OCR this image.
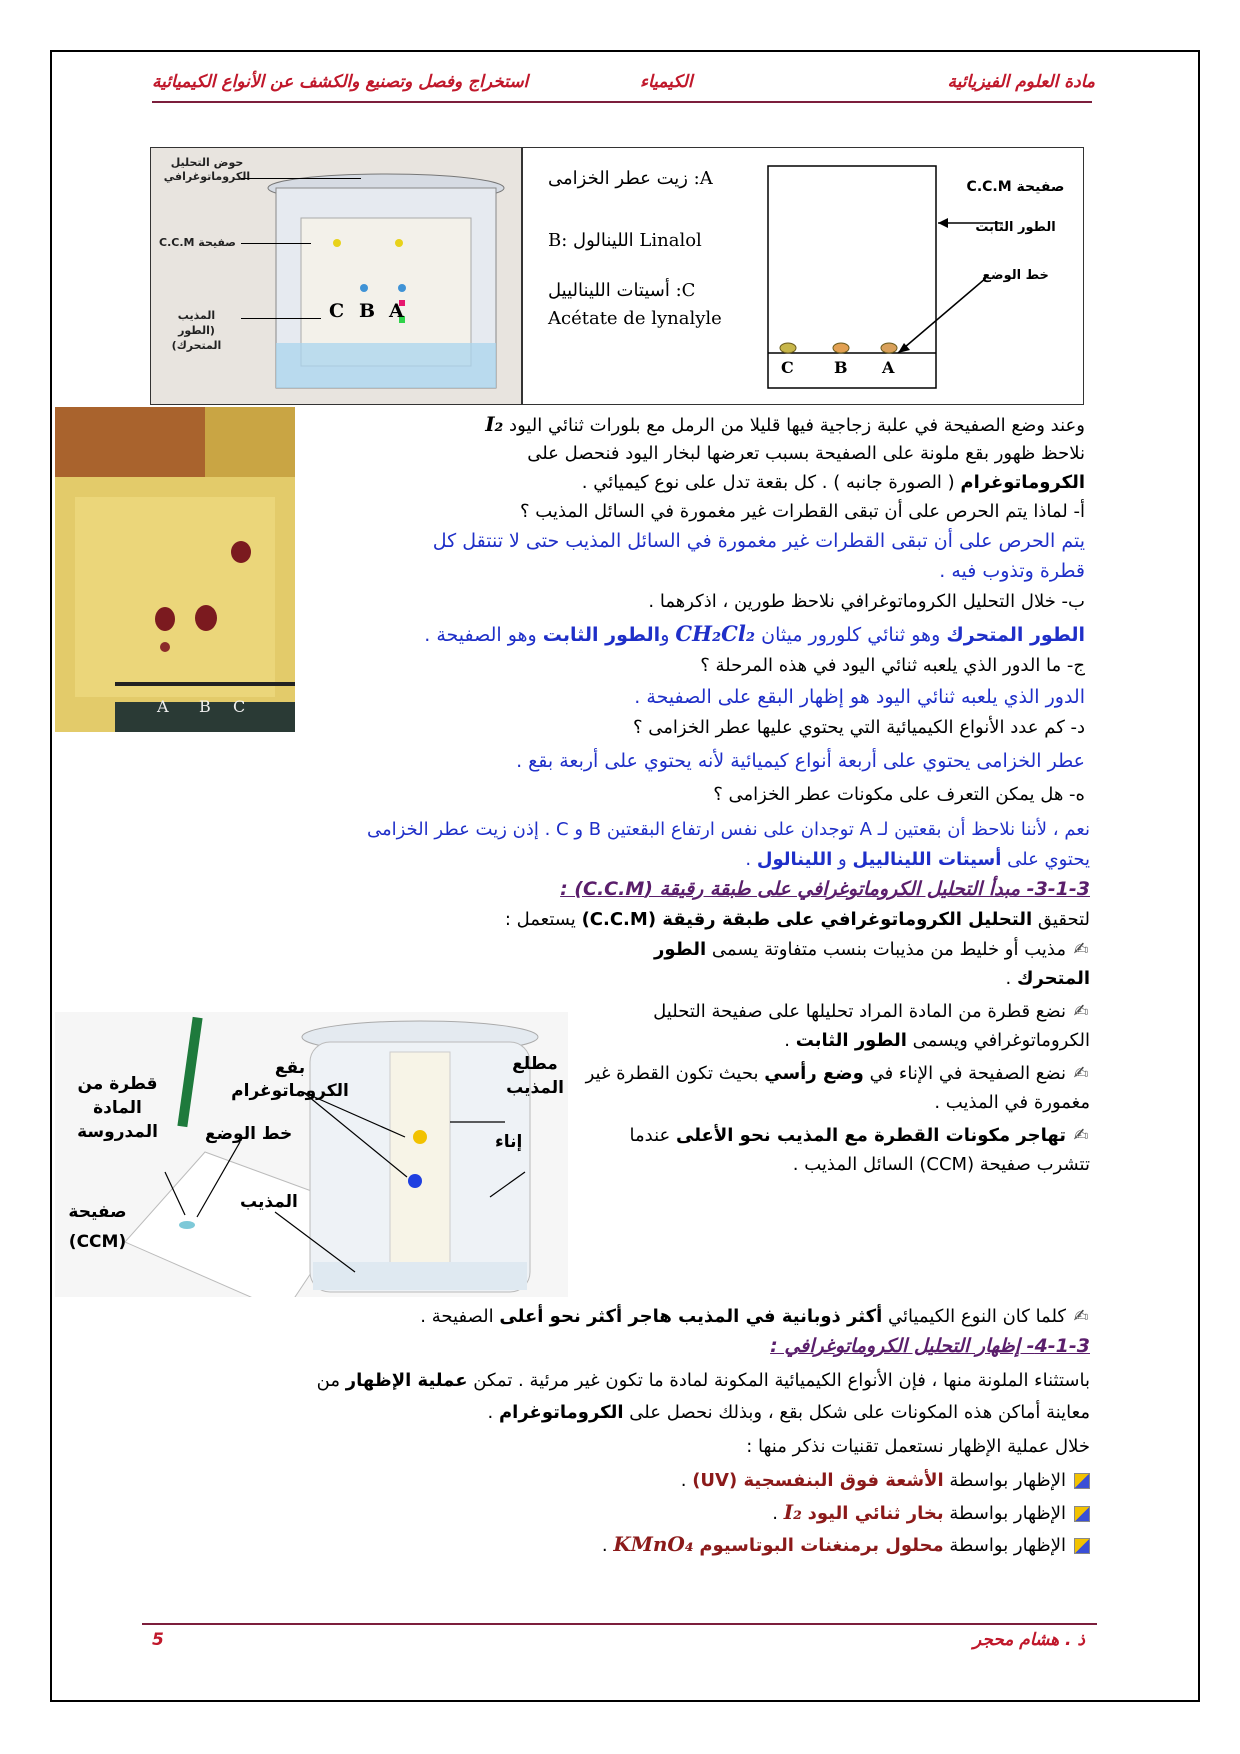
مادة العلوم الفيزيائية
الكيمياء
استخراج وفصل وتصنيع والكشف عن الأنواع الكيميائية
حوض التحليل الكروماتوغرافي
صفيحة C.C.M
المذيب (الطور المتحرك)
C B A
A: زيت عطر الخزامى
Linalol اللينالول :B
C: أسيتات اللينالييل
Acétate de lynalyle
صفيحة C.C.M
الطور الثابت
خط الوضع
C	B A
A B C
وعند وضع الصفيحة في علبة زجاجية فيها قليلا من الرمل مع بلورات ثنائي اليود I₂
نلاحظ ظهور بقع ملونة على الصفيحة بسبب تعرضها لبخار اليود فنحصل على
الكروماتوغرام ( الصورة جانبه ) . كل بقعة تدل على نوع كيميائي .
أ- لماذا يتم الحرص على أن تبقى القطرات غير مغمورة في السائل المذيب ؟
يتم الحرص على أن تبقى القطرات غير مغمورة في السائل المذيب حتى لا تنتقل كل
قطرة وتذوب فيه .
ب- خلال التحليل الكروماتوغرافي نلاحظ طورين ، اذكرهما .
الطور المتحرك وهو ثنائي كلورور ميثان CH₂Cl₂ والطور الثابت وهو الصفيحة .
ج- ما الدور الذي يلعبه ثنائي اليود في هذه المرحلة ؟
الدور الذي يلعبه ثنائي اليود هو إظهار البقع على الصفيحة .
د- كم عدد الأنواع الكيميائية التي يحتوي عليها عطر الخزامى ؟
عطر الخزامى يحتوي على أربعة أنواع كيميائية لأنه يحتوي على أربعة بقع .
ه- هل يمكن التعرف على مكونات عطر الخزامى ؟
نعم ، لأننا نلاحظ أن بقعتين لـ A توجدان على نفس ارتفاع البقعتين B و C . إذن زيت عطر الخزامى
يحتوي على أسيتات اللينالييل و اللينالول .
3-1-3- مبدأ التحليل الكروماتوغرافي على طبقة رقيقة (C.C.M) :
لتحقيق التحليل الكروماتوغرافي على طبقة رقيقة (C.C.M) يستعمل :
✍مذيب أو خليط من مذيبات بنسب متفاوتة يسمى الطور المتحرك .
✍نضع قطرة من المادة المراد تحليلها على صفيحة التحليل الكروماتوغرافي ويسمى الطور الثابت .
✍نضع الصفيحة في الإناء في وضع رأسي بحيث تكون القطرة غير مغمورة في المذيب .
✍تهاجر مكونات القطرة مع المذيب نحو الأعلى عندما تتشرب صفيحة (CCM) السائل المذيب .
قطرة من المادة المدروسة
بقع الكروماتوغرام
خط الوضع
صفيحة (CCM)
المذيب
مطلع المذيب
إناء
✍كلما كان النوع الكيميائي أكثر ذوبانية في المذيب هاجر أكثر نحو أعلى الصفيحة .
4-1-3- إظهار التحليل الكروماتوغرافي :
باستثناء الملونة منها ، فإن الأنواع الكيميائية المكونة لمادة ما تكون غير مرئية . تمكن عملية الإظهار من
معاينة أماكن هذه المكونات على شكل بقع ، وبذلك نحصل على الكروماتوغرام .
خلال عملية الإظهار نستعمل تقنيات نذكر منها :
الإظهار بواسطة الأشعة فوق البنفسجية (UV) .
الإظهار بواسطة بخار ثنائي اليود I₂ .
الإظهار بواسطة محلول برمنغنات البوتاسيوم KMnO₄ .
ذ . هشام محجر
5
